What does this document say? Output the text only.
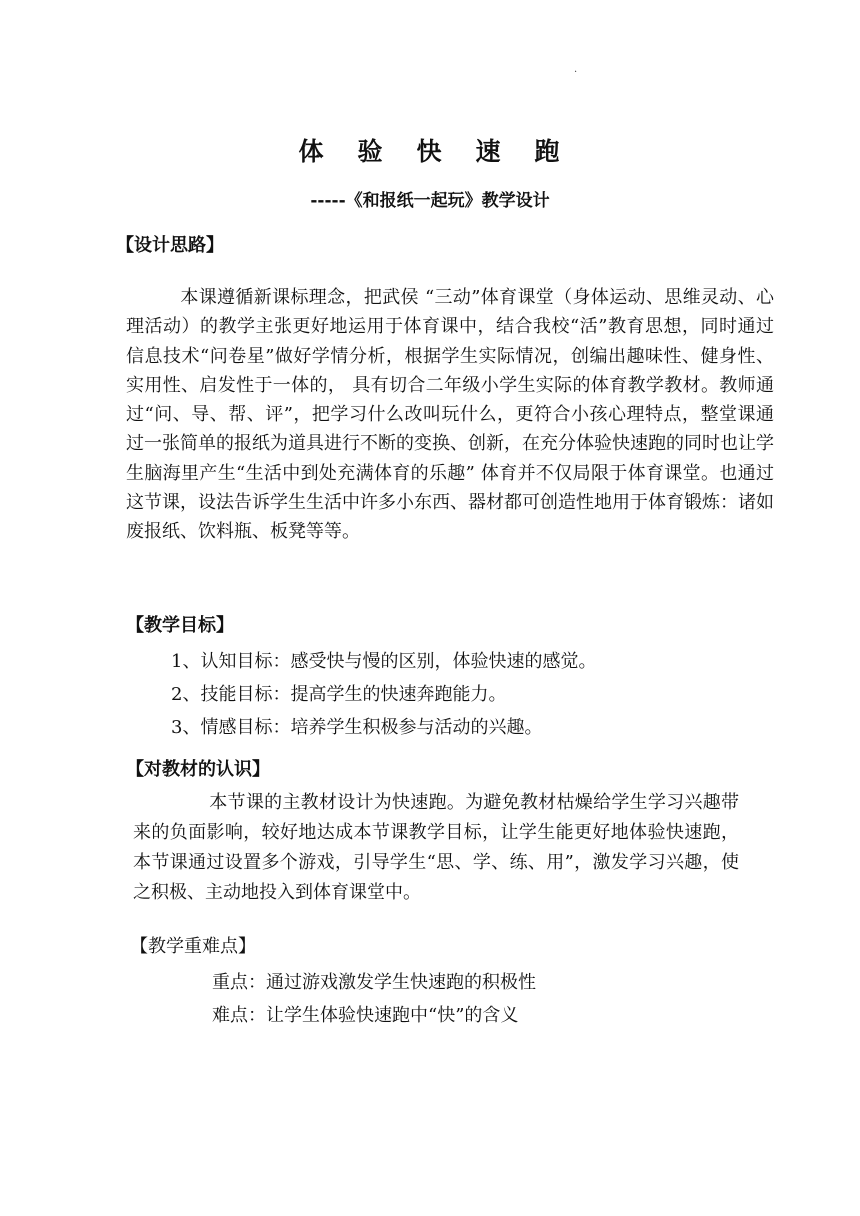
.
体验快速跑
-----《和报纸一起玩》教学设计
【设计思路】

本课遵循新课标理念，把武侯 “三动”体育课堂（身体运动、思维灵动、心理活动）的教学主张更好地运用于体育课中，结合我校“活”教育思想，同时通过信息技术“问卷星”做好学情分析，根据学生实际情况，创编出趣味性、健身性、实用性、启发性于一体的， 具有切合二年级小学生实际的体育教学教材。教师通过“问、导、帮、评”，把学习什么改叫玩什么，更符合小孩心理特点，整堂课通过一张简单的报纸为道具进行不断的变换、创新，在充分体验快速跑的同时也让学生脑海里产生“生活中到处充满体育的乐趣” 体育并不仅局限于体育课堂。也通过这节课，设法告诉学生生活中许多小东西、器材都可创造性地用于体育锻炼：诸如废报纸、饮料瓶、板凳等等。

【教学目标】
1、认知目标：感受快与慢的区别，体验快速的感觉。
2、技能目标：提高学生的快速奔跑能力。
3、情感目标：培养学生积极参与活动的兴趣。
【对教材的认识】

本节课的主教材设计为快速跑。为避免教材枯燥给学生学习兴趣带来的负面影响，较好地达成本节课教学目标，让学生能更好地体验快速跑，本节课通过设置多个游戏，引导学生“思、学、练、用”，激发学习兴趣，使之积极、主动地投入到体育课堂中。

【教学重难点】
重点：通过游戏激发学生快速跑的积极性
难点：让学生体验快速跑中“快”的含义
